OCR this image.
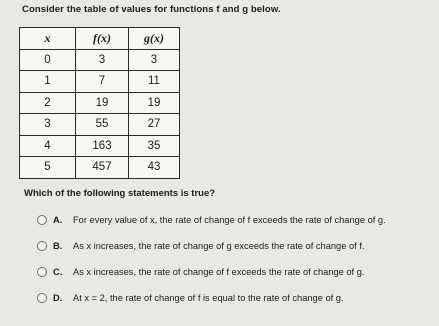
Consider the table of values for functions f and g below.
x	f(x)	g(x)
0	3	3
1	7	11
2	19	19
3	55	27
4	163	35
5	457	43
Which of the following statements is true?
A.	For every value of x, the rate of change of f exceeds the rate of change of g.
B.	As x increases, the rate of change of g exceeds the rate of change of f.
C.	As x increases, the rate of change of f exceeds the rate of change of g.
D.	At x = 2, the rate of change of f is equal to the rate of change of g.
